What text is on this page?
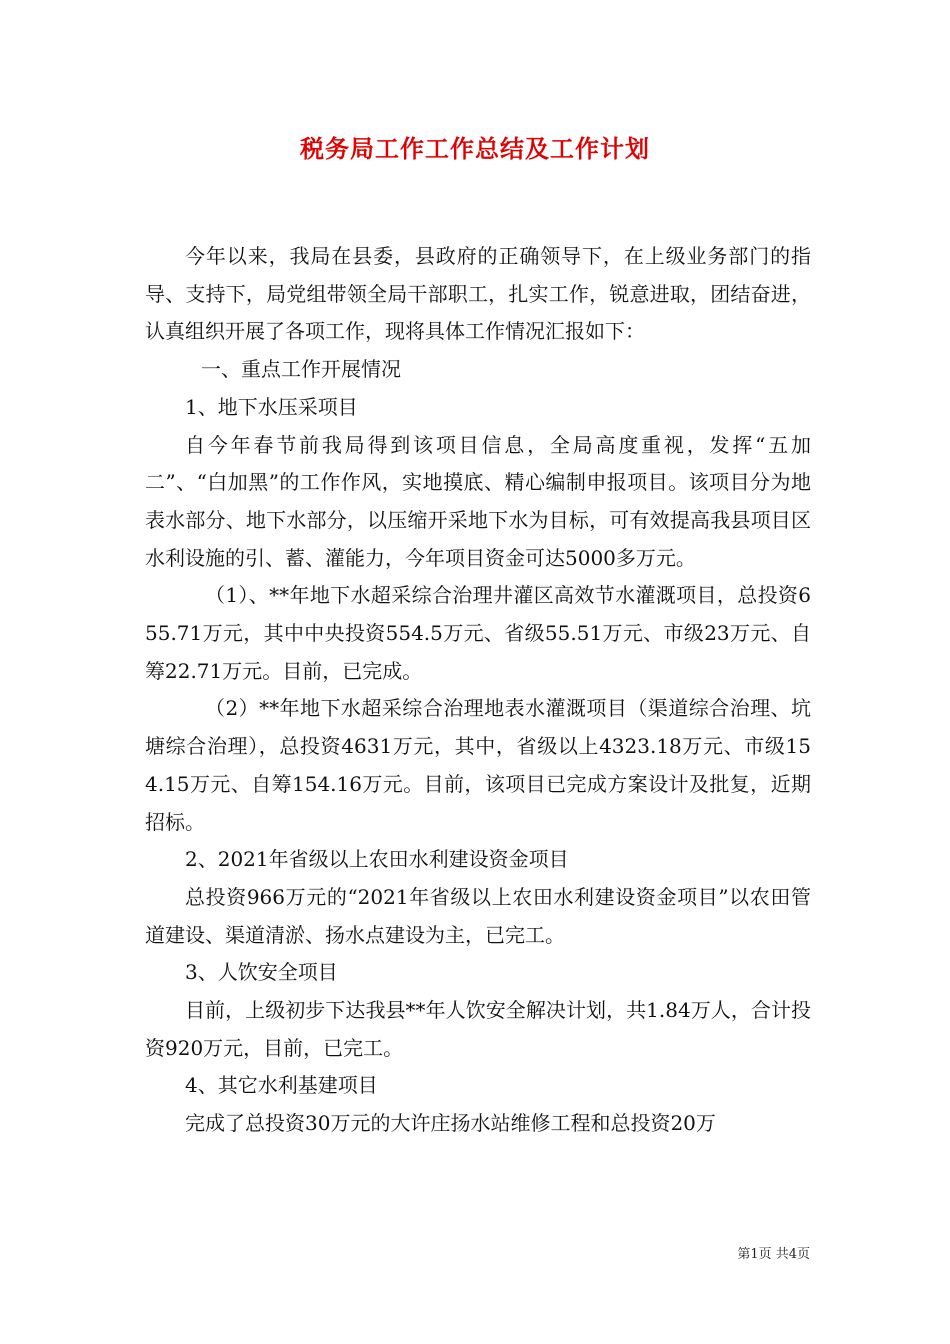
税务局工作工作总结及工作计划

今年以来，我局在县委，县政府的正确领导下，在上级业务部门的指导、支持下，局党组带领全局干部职工，扎实工作，锐意进取，团结奋进，认真组织开展了各项工作，现将具体工作情况汇报如下：

一、重点工作开展情况

1、地下水压采项目

自今年春节前我局得到该项目信息，全局高度重视，发挥“五加二”、“白加黑”的工作作风，实地摸底、精心编制申报项目。该项目分为地表水部分、地下水部分，以压缩开采地下水为目标，可有效提高我县项目区水利设施的引、蓄、灌能力，今年项目资金可达5000多万元。

（1）、**年地下水超采综合治理井灌区高效节水灌溉项目，总投资655.71万元，其中中央投资554.5万元、省级55.51万元、市级23万元、自筹22.71万元。目前，已完成。

（2）**年地下水超采综合治理地表水灌溉项目（渠道综合治理、坑塘综合治理），总投资4631万元，其中，省级以上4323.18万元、市级154.15万元、自筹154.16万元。目前，该项目已完成方案设计及批复，近期招标。

2、2021年省级以上农田水利建设资金项目

总投资966万元的“2021年省级以上农田水利建设资金项目”以农田管道建设、渠道清淤、扬水点建设为主，已完工。

3、人饮安全项目

目前，上级初步下达我县**年人饮安全解决计划，共1.84万人，合计投资920万元，目前，已完工。

4、其它水利基建项目

完成了总投资30万元的大许庄扬水站维修工程和总投资20万

第1页 共4页
